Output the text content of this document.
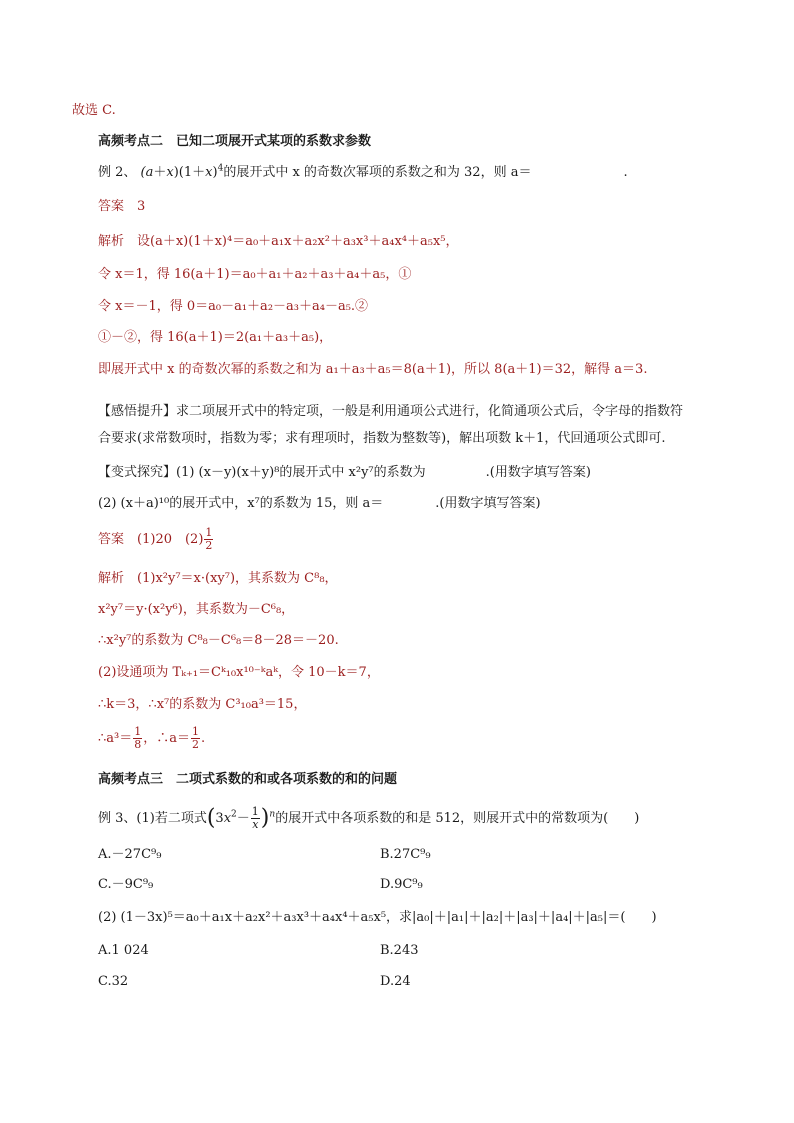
故选 C.
高频考点二　已知二项展开式某项的系数求参数
例 2、 $(a+x)(1+x)^4$的展开式中 x 的奇数次幂项的系数之和为 32，则 a＝	.
答案　 3
解析　 设(a＋x)(1＋x)⁴＝a₀＋a₁x＋a₂x²＋a₃x³＋a₄x⁴＋a₅x⁵，
令 x＝1，得 16(a＋1)＝a₀＋a₁＋a₂＋a₃＋a₄＋a₅，①
令 x＝－1，得 0＝a₀－a₁＋a₂－a₃＋a₄－a₅.②
①－②，得 16(a＋1)＝2(a₁＋a₃＋a₅)，
即展开式中 x 的奇数次幂的系数之和为 a₁＋a₃＋a₅＝8(a＋1)，所以 8(a＋1)＝32，解得 a＝3.
【感悟提升】求二项展开式中的特定项，一般是利用通项公式进行，化简通项公式后，令字母的指数符
合要求(求常数项时，指数为零；求有理项时，指数为整数等)，解出项数 k＋1，代回通项公式即可.
【变式探究】(1) (x－y)(x＋y)⁸的展开式中 x²y⁷的系数为	.(用数字填写答案)
(2) (x＋a)¹⁰的展开式中，x⁷的系数为 15，则 a＝	.(用数字填写答案)
答案　 (1)20　$(2) \frac{1}{2}$
解析　 (1)x²y⁷＝x·(xy⁷)，其系数为 C⁸₈，
x²y⁷＝y·(x²y⁶)，其系数为－C⁶₈，
∴x²y⁷的系数为 C⁸₈－C⁶₈＝8－28＝－20.
(2)设通项为 Tₖ₊₁＝Cᵏ₁₀x¹⁰⁻ᵏaᵏ，令 10－k＝7，
∴k＝3，∴x⁷的系数为 C³₁₀a³＝15，
∴a³＝ $\frac{1}{8}$ ，∴a＝ $\frac{1}{2}$ .
高频考点三　二项式系数的和或各项系数的和的问题
例 3、(1)若二项式$(3x^2- \frac{1}{x} )^n$的展开式中各项系数的和是 512，则展开式中的常数项为(　　)
A.－27C⁹₉	B.27C⁹₉
C.－9C⁹₉	D.9C⁹₉
(2) (1－3x)⁵＝a₀＋a₁x＋a₂x²＋a₃x³＋a₄x⁴＋a₅x⁵，求|a₀|＋|a₁|＋|a₂|＋|a₃|＋|a₄|＋|a₅|＝(　　)
A.1 024	B.243
C.32	D.24
